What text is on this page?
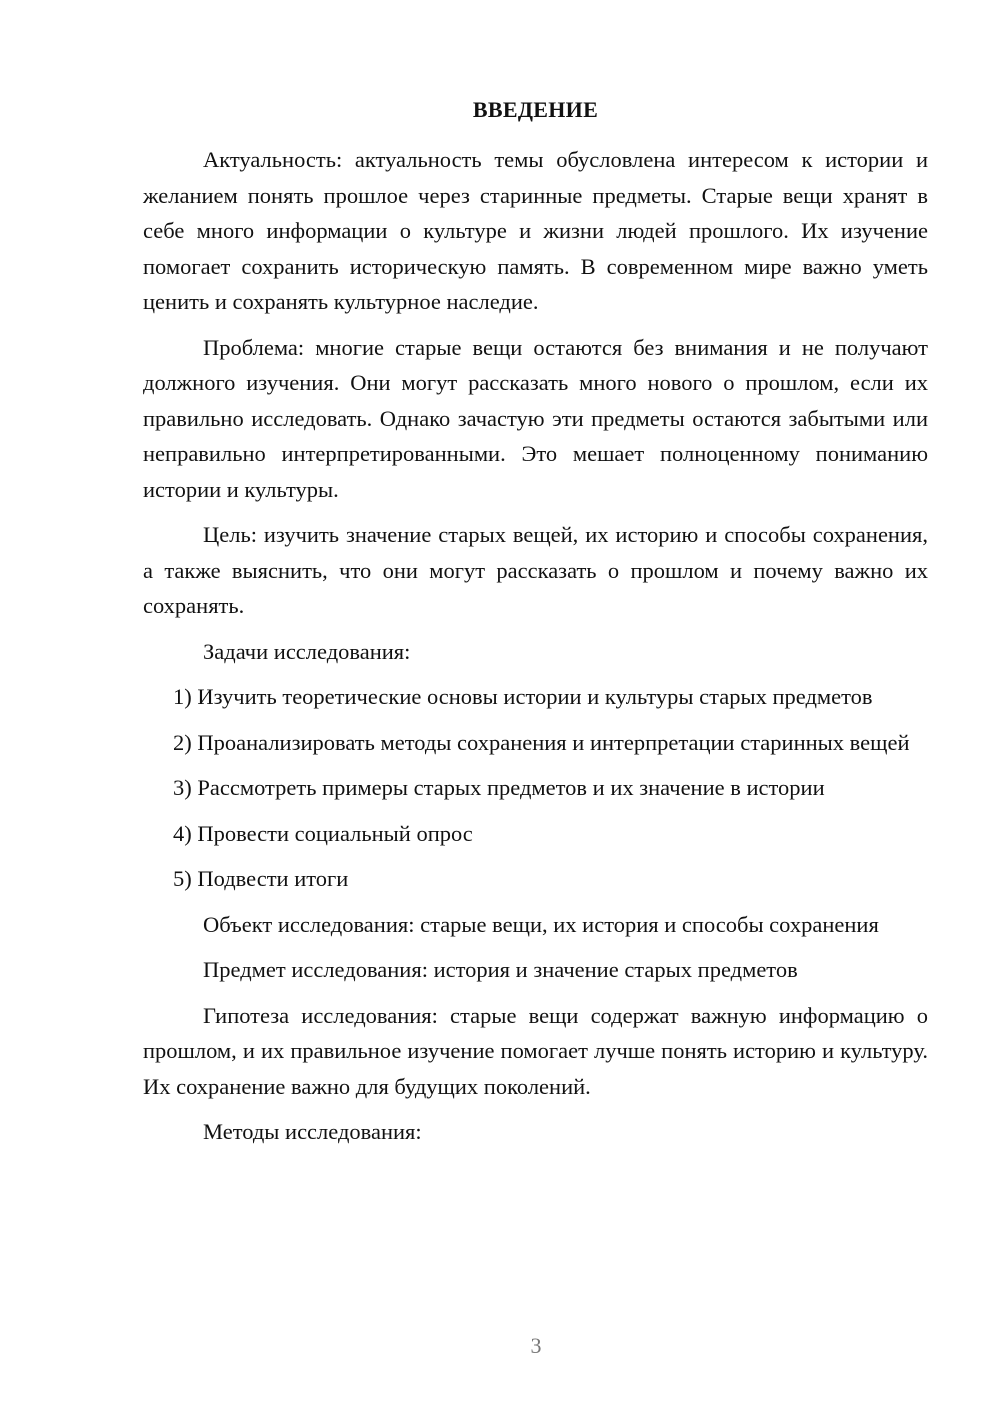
ВВЕДЕНИЕ

Актуальность: актуальность темы обусловлена интересом к истории и желанием понять прошлое через старинные предметы. Старые вещи хранят в себе много информации о культуре и жизни людей прошлого. Их изучение помогает сохранить историческую память. В современном мире важно уметь ценить и сохранять культурное наследие.

Проблема: многие старые вещи остаются без внимания и не получают должного изучения. Они могут рассказать много нового о прошлом, если их правильно исследовать. Однако зачастую эти предметы остаются забытыми или неправильно интерпретированными. Это мешает полноценному пониманию истории и культуры.

Цель: изучить значение старых вещей, их историю и способы сохранения, а также выяснить, что они могут рассказать о прошлом и почему важно их сохранять.

Задачи исследования:

1) Изучить теоретические основы истории и культуры старых предметов

2) Проанализировать методы сохранения и интерпретации старинных вещей

3) Рассмотреть примеры старых предметов и их значение в истории

4) Провести социальный опрос

5) Подвести итоги

Объект исследования: старые вещи, их история и способы сохранения

Предмет исследования: история и значение старых предметов

Гипотеза исследования: старые вещи содержат важную информацию о прошлом, и их правильное изучение помогает лучше понять историю и культуру. Их сохранение важно для будущих поколений.

Методы исследования:

3
